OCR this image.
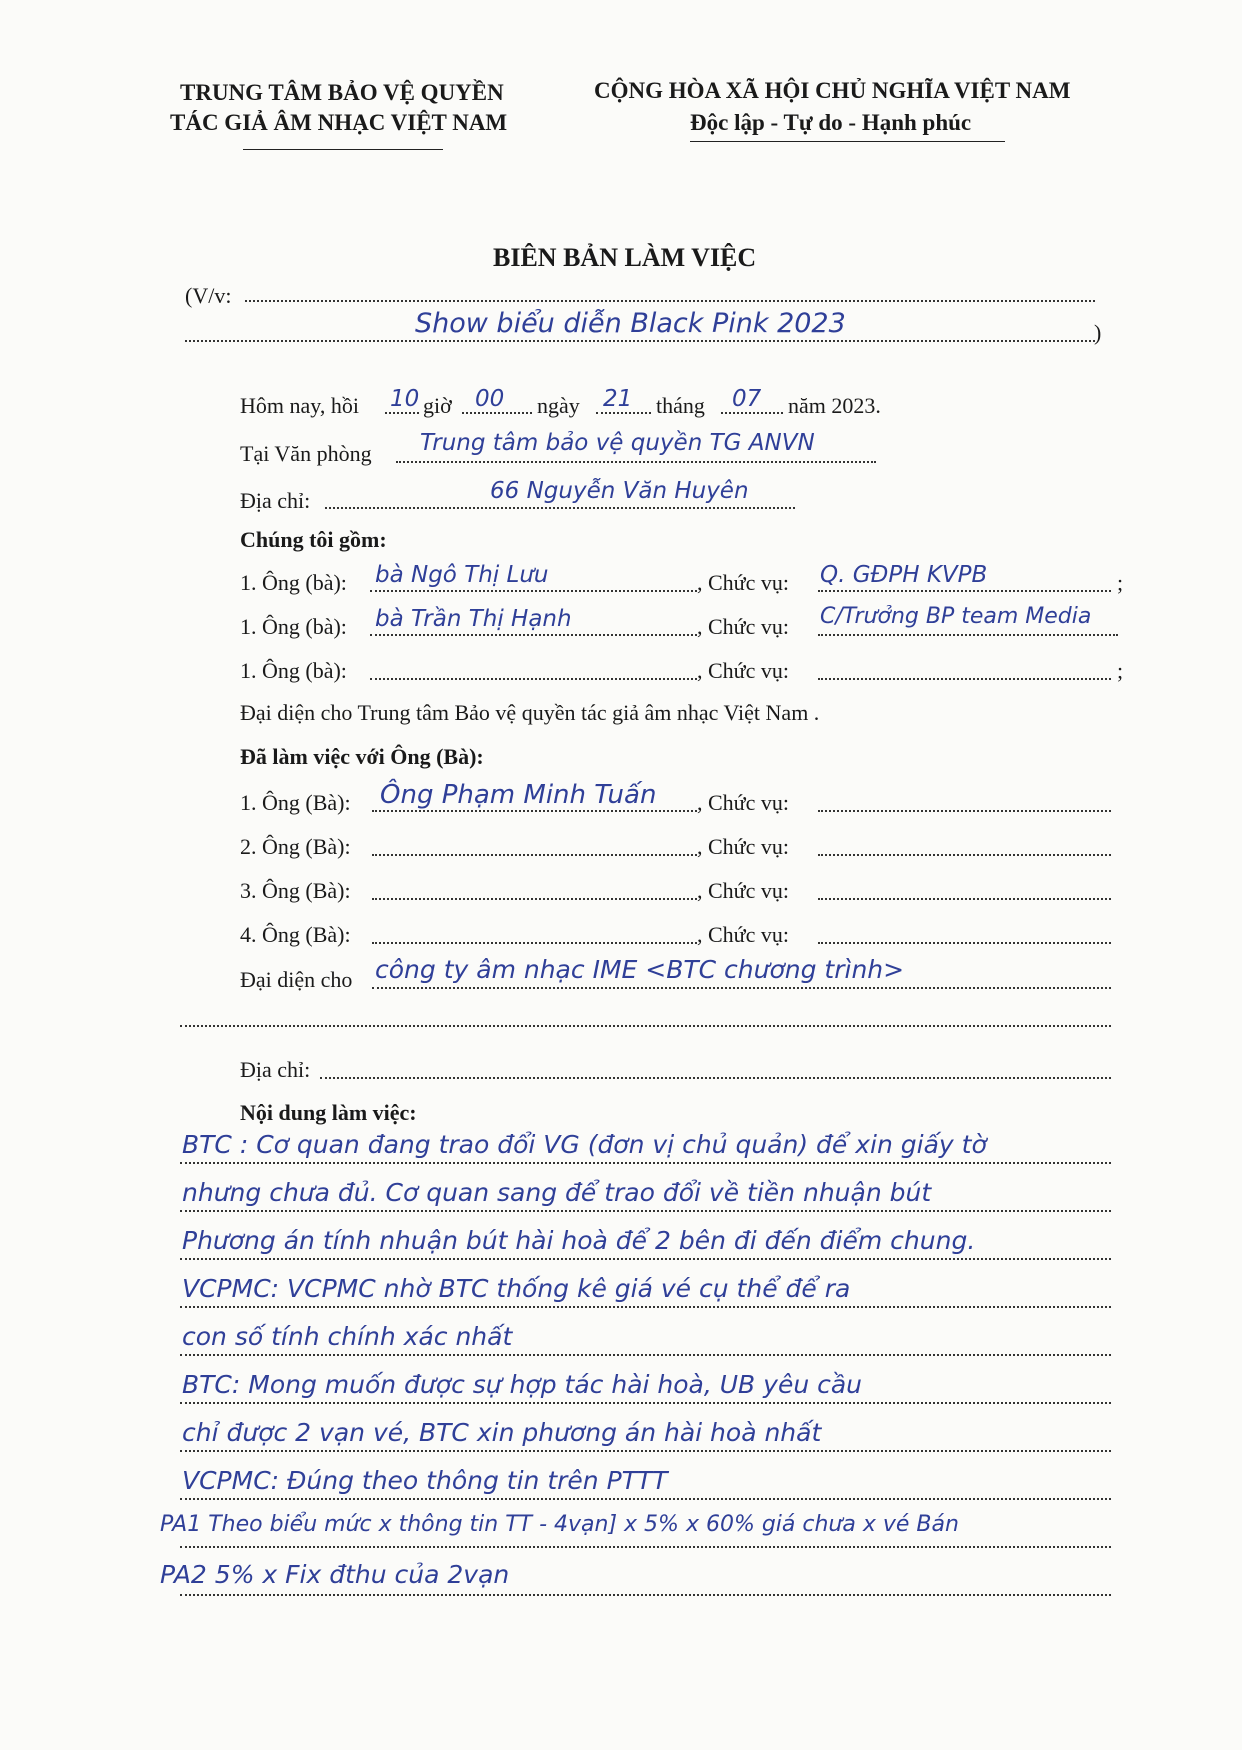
TRUNG TÂM BẢO VỆ QUYỀN
TÁC GIẢ ÂM NHẠC VIỆT NAM
CỘNG HÒA XÃ HỘI CHỦ NGHĨA VIỆT NAM
Độc lập - Tự do - Hạnh phúc
BIÊN BẢN LÀM VIỆC
(V/v:
Show biểu diễn Black Pink 2023	)
Hôm nay, hồi 10 giờ 00 ngày 21 tháng 07 năm 2023.
Tại Văn phòng Trung tâm bảo vệ quyền TG ANVN
Địa chỉ:	66 Nguyễn Văn Huyên
Chúng tôi gồm:
1. Ông (bà): bà Ngô Thị Lưu	, Chức vụ: Q. GĐPH KVPB	;
1. Ông (bà): bà Trần Thị Hạnh	, Chức vụ: C/Trưởng BP team Media
1. Ông (bà):	, Chức vụ:	;
Đại diện cho Trung tâm Bảo vệ quyền tác giả âm nhạc Việt Nam .
Đã làm việc với Ông (Bà):
1. Ông (Bà): Ông Phạm Minh Tuấn , Chức vụ:
2. Ông (Bà):	, Chức vụ:
3. Ông (Bà):	, Chức vụ:
4. Ông (Bà):	, Chức vụ:
Đại diện cho công ty âm nhạc IME <BTC chương trình>
Địa chỉ:
Nội dung làm việc:
BTC : Cơ quan đang trao đổi VG (đơn vị chủ quản) để xin giấy tờ
nhưng chưa đủ. Cơ quan sang để trao đổi về tiền nhuận bút
Phương án tính nhuận bút hài hoà để 2 bên đi đến điểm chung.
VCPMC: VCPMC nhờ BTC thống kê giá vé cụ thể để ra
con số tính chính xác nhất
BTC: Mong muốn được sự hợp tác hài hoà, UB yêu cầu
chỉ được 2 vạn vé, BTC xin phương án hài hoà nhất
VCPMC: Đúng theo thông tin trên PTTT
PA1 Theo biểu mức x thông tin TT - 4vạn] x 5% x 60% giá chưa x vé Bán
PA2 5% x Fix đthu của 2vạn
